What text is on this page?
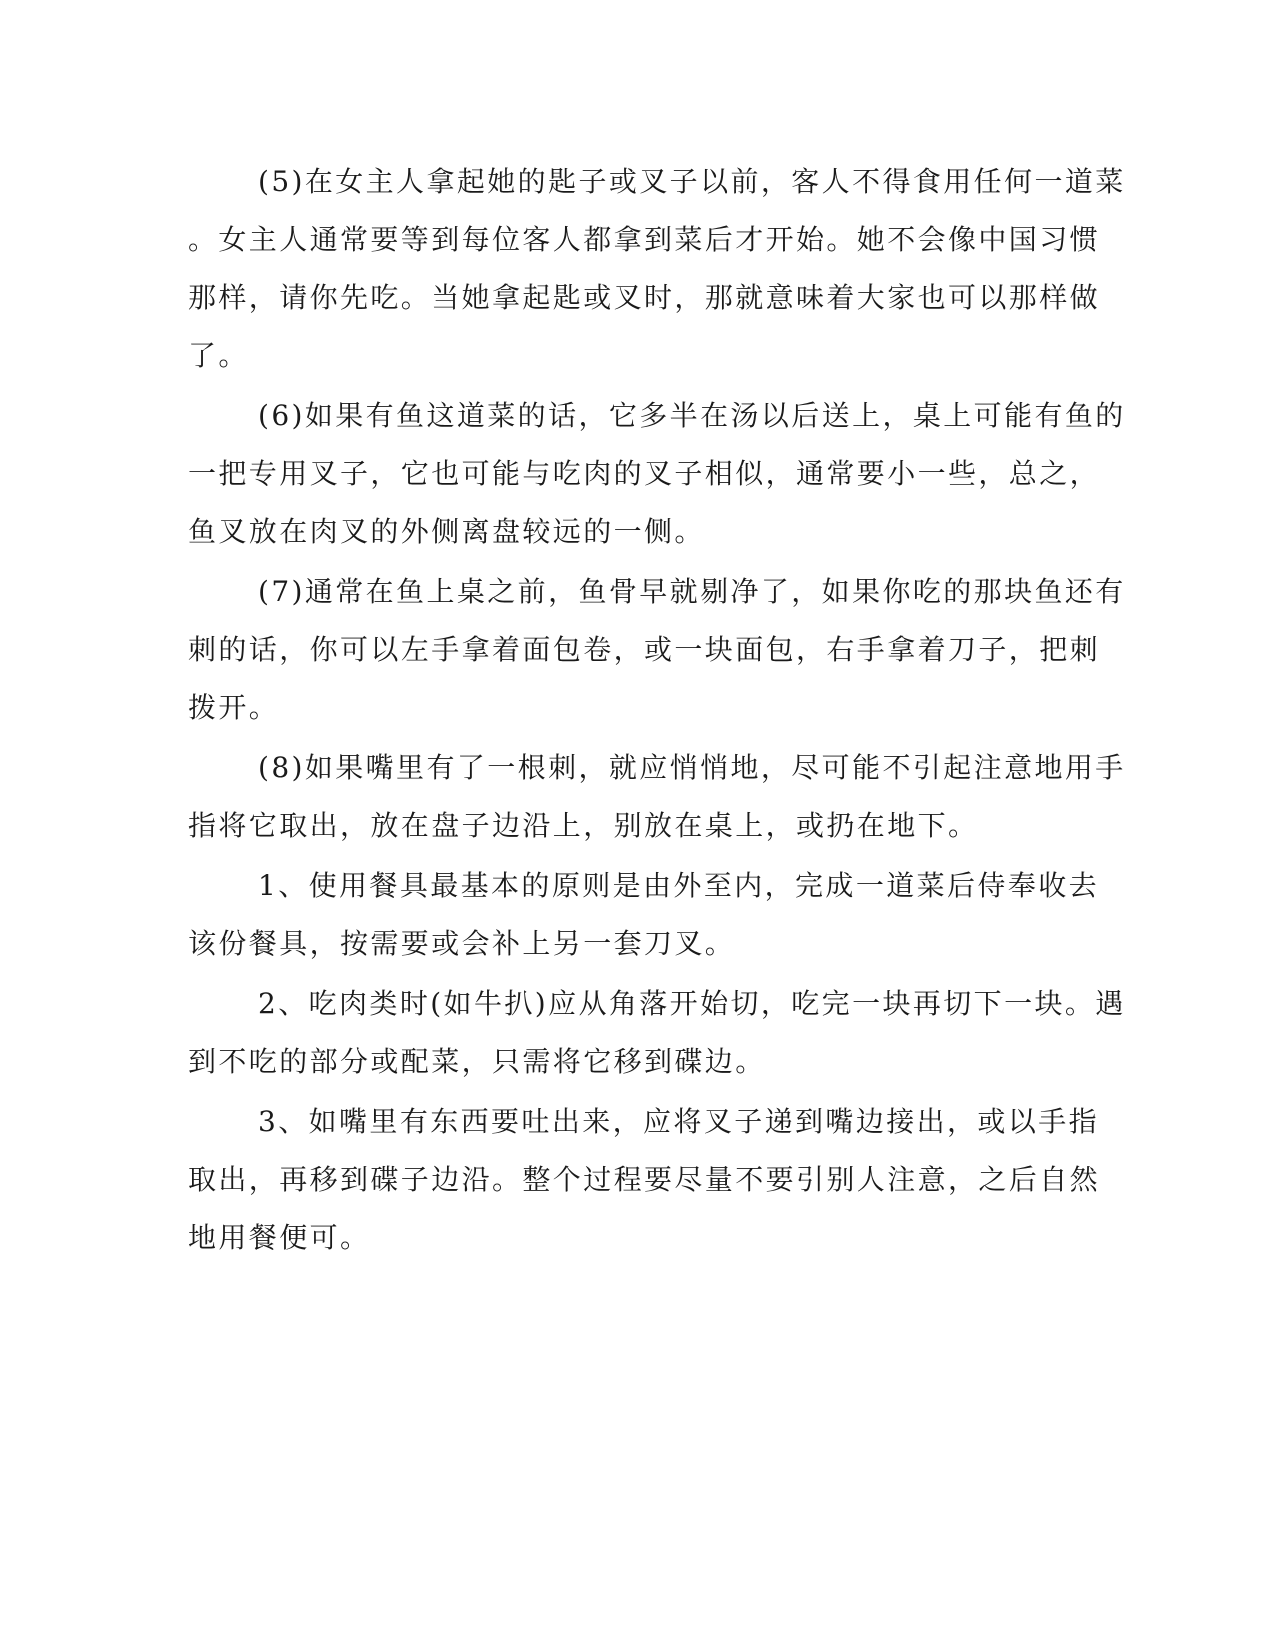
(5)在女主人拿起她的匙子或叉子以前，客人不得食用任何一道菜
。女主人通常要等到每位客人都拿到菜后才开始。她不会像中国习惯
那样，请你先吃。当她拿起匙或叉时，那就意味着大家也可以那样做
了。
(6)如果有鱼这道菜的话，它多半在汤以后送上，桌上可能有鱼的
一把专用叉子，它也可能与吃肉的叉子相似，通常要小一些，总之，
鱼叉放在肉叉的外侧离盘较远的一侧。
(7)通常在鱼上桌之前，鱼骨早就剔净了，如果你吃的那块鱼还有
刺的话，你可以左手拿着面包卷，或一块面包，右手拿着刀子，把刺
拨开。
(8)如果嘴里有了一根刺，就应悄悄地，尽可能不引起注意地用手
指将它取出，放在盘子边沿上，别放在桌上，或扔在地下。
1、使用餐具最基本的原则是由外至内，完成一道菜后侍奉收去
该份餐具，按需要或会补上另一套刀叉。
2、吃肉类时(如牛扒)应从角落开始切，吃完一块再切下一块。遇
到不吃的部分或配菜，只需将它移到碟边。
3、如嘴里有东西要吐出来，应将叉子递到嘴边接出，或以手指
取出，再移到碟子边沿。整个过程要尽量不要引别人注意，之后自然
地用餐便可。
